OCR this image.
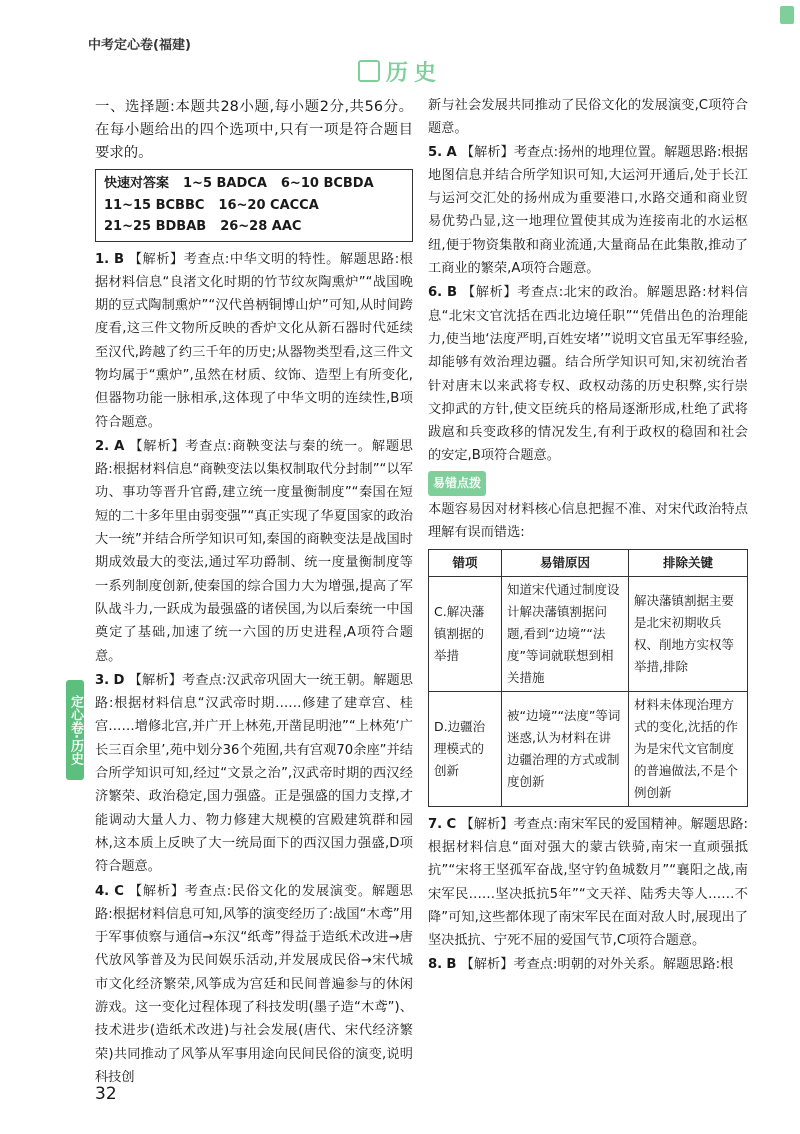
中考定心卷(福建)
历史
定心卷·历史

一、选择题:本题共28小题,每小题2分,共56分。在每小题给出的四个选项中,只有一项是符合题目要求的。

快速对答案 1~5 BADCA 6~10 BCBDA
11~15 BCBBC 16~20 CACCA
21~25 BDBAB 26~28 AAC

1. B 【解析】考查点:中华文明的特性。解题思路:根据材料信息“良渚文化时期的竹节纹灰陶熏炉”“战国晚期的豆式陶制熏炉”“汉代兽柄铜博山炉”可知,从时间跨度看,这三件文物所反映的香炉文化从新石器时代延续至汉代,跨越了约三千年的历史;从器物类型看,这三件文物均属于“熏炉”,虽然在材质、纹饰、造型上有所变化,但器物功能一脉相承,这体现了中华文明的连续性,B项符合题意。

2. A 【解析】考查点:商鞅变法与秦的统一。解题思路:根据材料信息“商鞅变法以集权制取代分封制”“以军功、事功等晋升官爵,建立统一度量衡制度”“秦国在短短的二十多年里由弱变强”“真正实现了华夏国家的政治大一统”并结合所学知识可知,秦国的商鞅变法是战国时期成效最大的变法,通过军功爵制、统一度量衡制度等一系列制度创新,使秦国的综合国力大为增强,提高了军队战斗力,一跃成为最强盛的诸侯国,为以后秦统一中国奠定了基础,加速了统一六国的历史进程,A项符合题意。

3. D 【解析】考查点:汉武帝巩固大一统王朝。解题思路:根据材料信息“汉武帝时期……修建了建章宫、桂宫……增修北宫,并广开上林苑,开凿昆明池”“上林苑‘广长三百余里’,苑中划分36个苑囿,共有宫观70余座”并结合所学知识可知,经过“文景之治”,汉武帝时期的西汉经济繁荣、政治稳定,国力强盛。正是强盛的国力支撑,才能调动大量人力、物力修建大规模的宫殿建筑群和园林,这本质上反映了大一统局面下的西汉国力强盛,D项符合题意。

4. C 【解析】考查点:民俗文化的发展演变。解题思路:根据材料信息可知,风筝的演变经历了:战国“木鸢”用于军事侦察与通信→东汉“纸鸢”得益于造纸术改进→唐代放风筝普及为民间娱乐活动,并发展成民俗→宋代城市文化经济繁荣,风筝成为宫廷和民间普遍参与的休闲游戏。这一变化过程体现了科技发明(墨子造“木鸢”)、技术进步(造纸术改进)与社会发展(唐代、宋代经济繁荣)共同推动了风筝从军事用途向民间民俗的演变,说明科技创

新与社会发展共同推动了民俗文化的发展演变,C项符合题意。

5. A 【解析】考查点:扬州的地理位置。解题思路:根据地图信息并结合所学知识可知,大运河开通后,处于长江与运河交汇处的扬州成为重要港口,水路交通和商业贸易优势凸显,这一地理位置使其成为连接南北的水运枢纽,便于物资集散和商业流通,大量商品在此集散,推动了工商业的繁荣,A项符合题意。

6. B 【解析】考查点:北宋的政治。解题思路:材料信息“北宋文官沈括在西北边境任职”“凭借出色的治理能力,使当地‘法度严明,百姓安堵’”说明文官虽无军事经验,却能够有效治理边疆。结合所学知识可知,宋初统治者针对唐末以来武将专权、政权动荡的历史积弊,实行崇文抑武的方针,使文臣统兵的格局逐渐形成,杜绝了武将跋扈和兵变政移的情况发生,有利于政权的稳固和社会的安定,B项符合题意。

易错点拨

本题容易因对材料核心信息把握不准、对宋代政治特点理解有误而错选:

错项	易错原因	排除关键
C.解决藩镇割据的举措	知道宋代通过制度设计解决藩镇割据问题,看到“边境”“法度”等词就联想到相关措施	解决藩镇割据主要是北宋初期收兵权、削地方实权等举措,排除
D.边疆治理模式的创新	被“边境”“法度”等词迷惑,认为材料在讲边疆治理的方式或制度创新	材料未体现治理方式的变化,沈括的作为是宋代文官制度的普遍做法,不是个例创新

7. C 【解析】考查点:南宋军民的爱国精神。解题思路:根据材料信息“面对强大的蒙古铁骑,南宋一直顽强抵抗”“宋将王坚孤军奋战,坚守钓鱼城数月”“襄阳之战,南宋军民……坚决抵抗5年”“文天祥、陆秀夫等人……不降”可知,这些都体现了南宋军民在面对敌人时,展现出了坚决抵抗、宁死不屈的爱国气节,C项符合题意。

8. B 【解析】考查点:明朝的对外关系。解题思路:根

32
